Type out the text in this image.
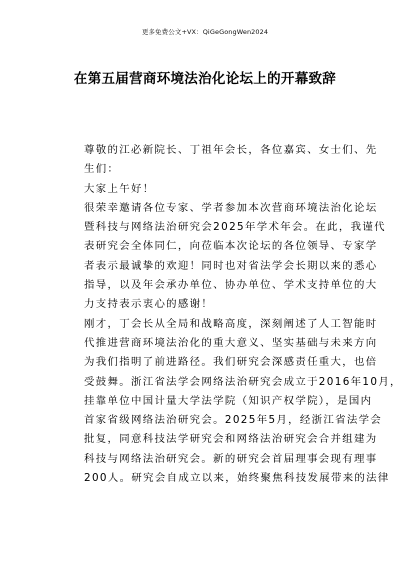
更多免费公文+VX：QiGeGongWen2024
在第五届营商环境法治化论坛上的开幕致辞

尊敬的江必新院长、丁祖年会长，各位嘉宾、女士们、先
生们：

大家上午好！

很荣幸邀请各位专家、学者参加本次营商环境法治化论坛
暨科技与网络法治研究会2025年学术年会。在此，我谨代
表研究会全体同仁，向莅临本次论坛的各位领导、专家学
者表示最诚挚的欢迎！同时也对省法学会长期以来的悉心
指导，以及年会承办单位、协办单位、学术支持单位的大
力支持表示衷心的感谢！

刚才，丁会长从全局和战略高度，深刻阐述了人工智能时
代推进营商环境法治化的重大意义、坚实基础与未来方向
为我们指明了前进路径。我们研究会深感责任重大，也倍
受鼓舞。浙江省法学会网络法治研究会成立于2016年10月，
挂靠单位中国计量大学法学院（知识产权学院），是国内
首家省级网络法治研究会。2025年5月，经浙江省法学会
批复，同意科技法学研究会和网络法治研究会合并组建为
科技与网络法治研究会。新的研究会首届理事会现有理事
200人。研究会自成立以来，始终聚焦科技发展带来的法律
